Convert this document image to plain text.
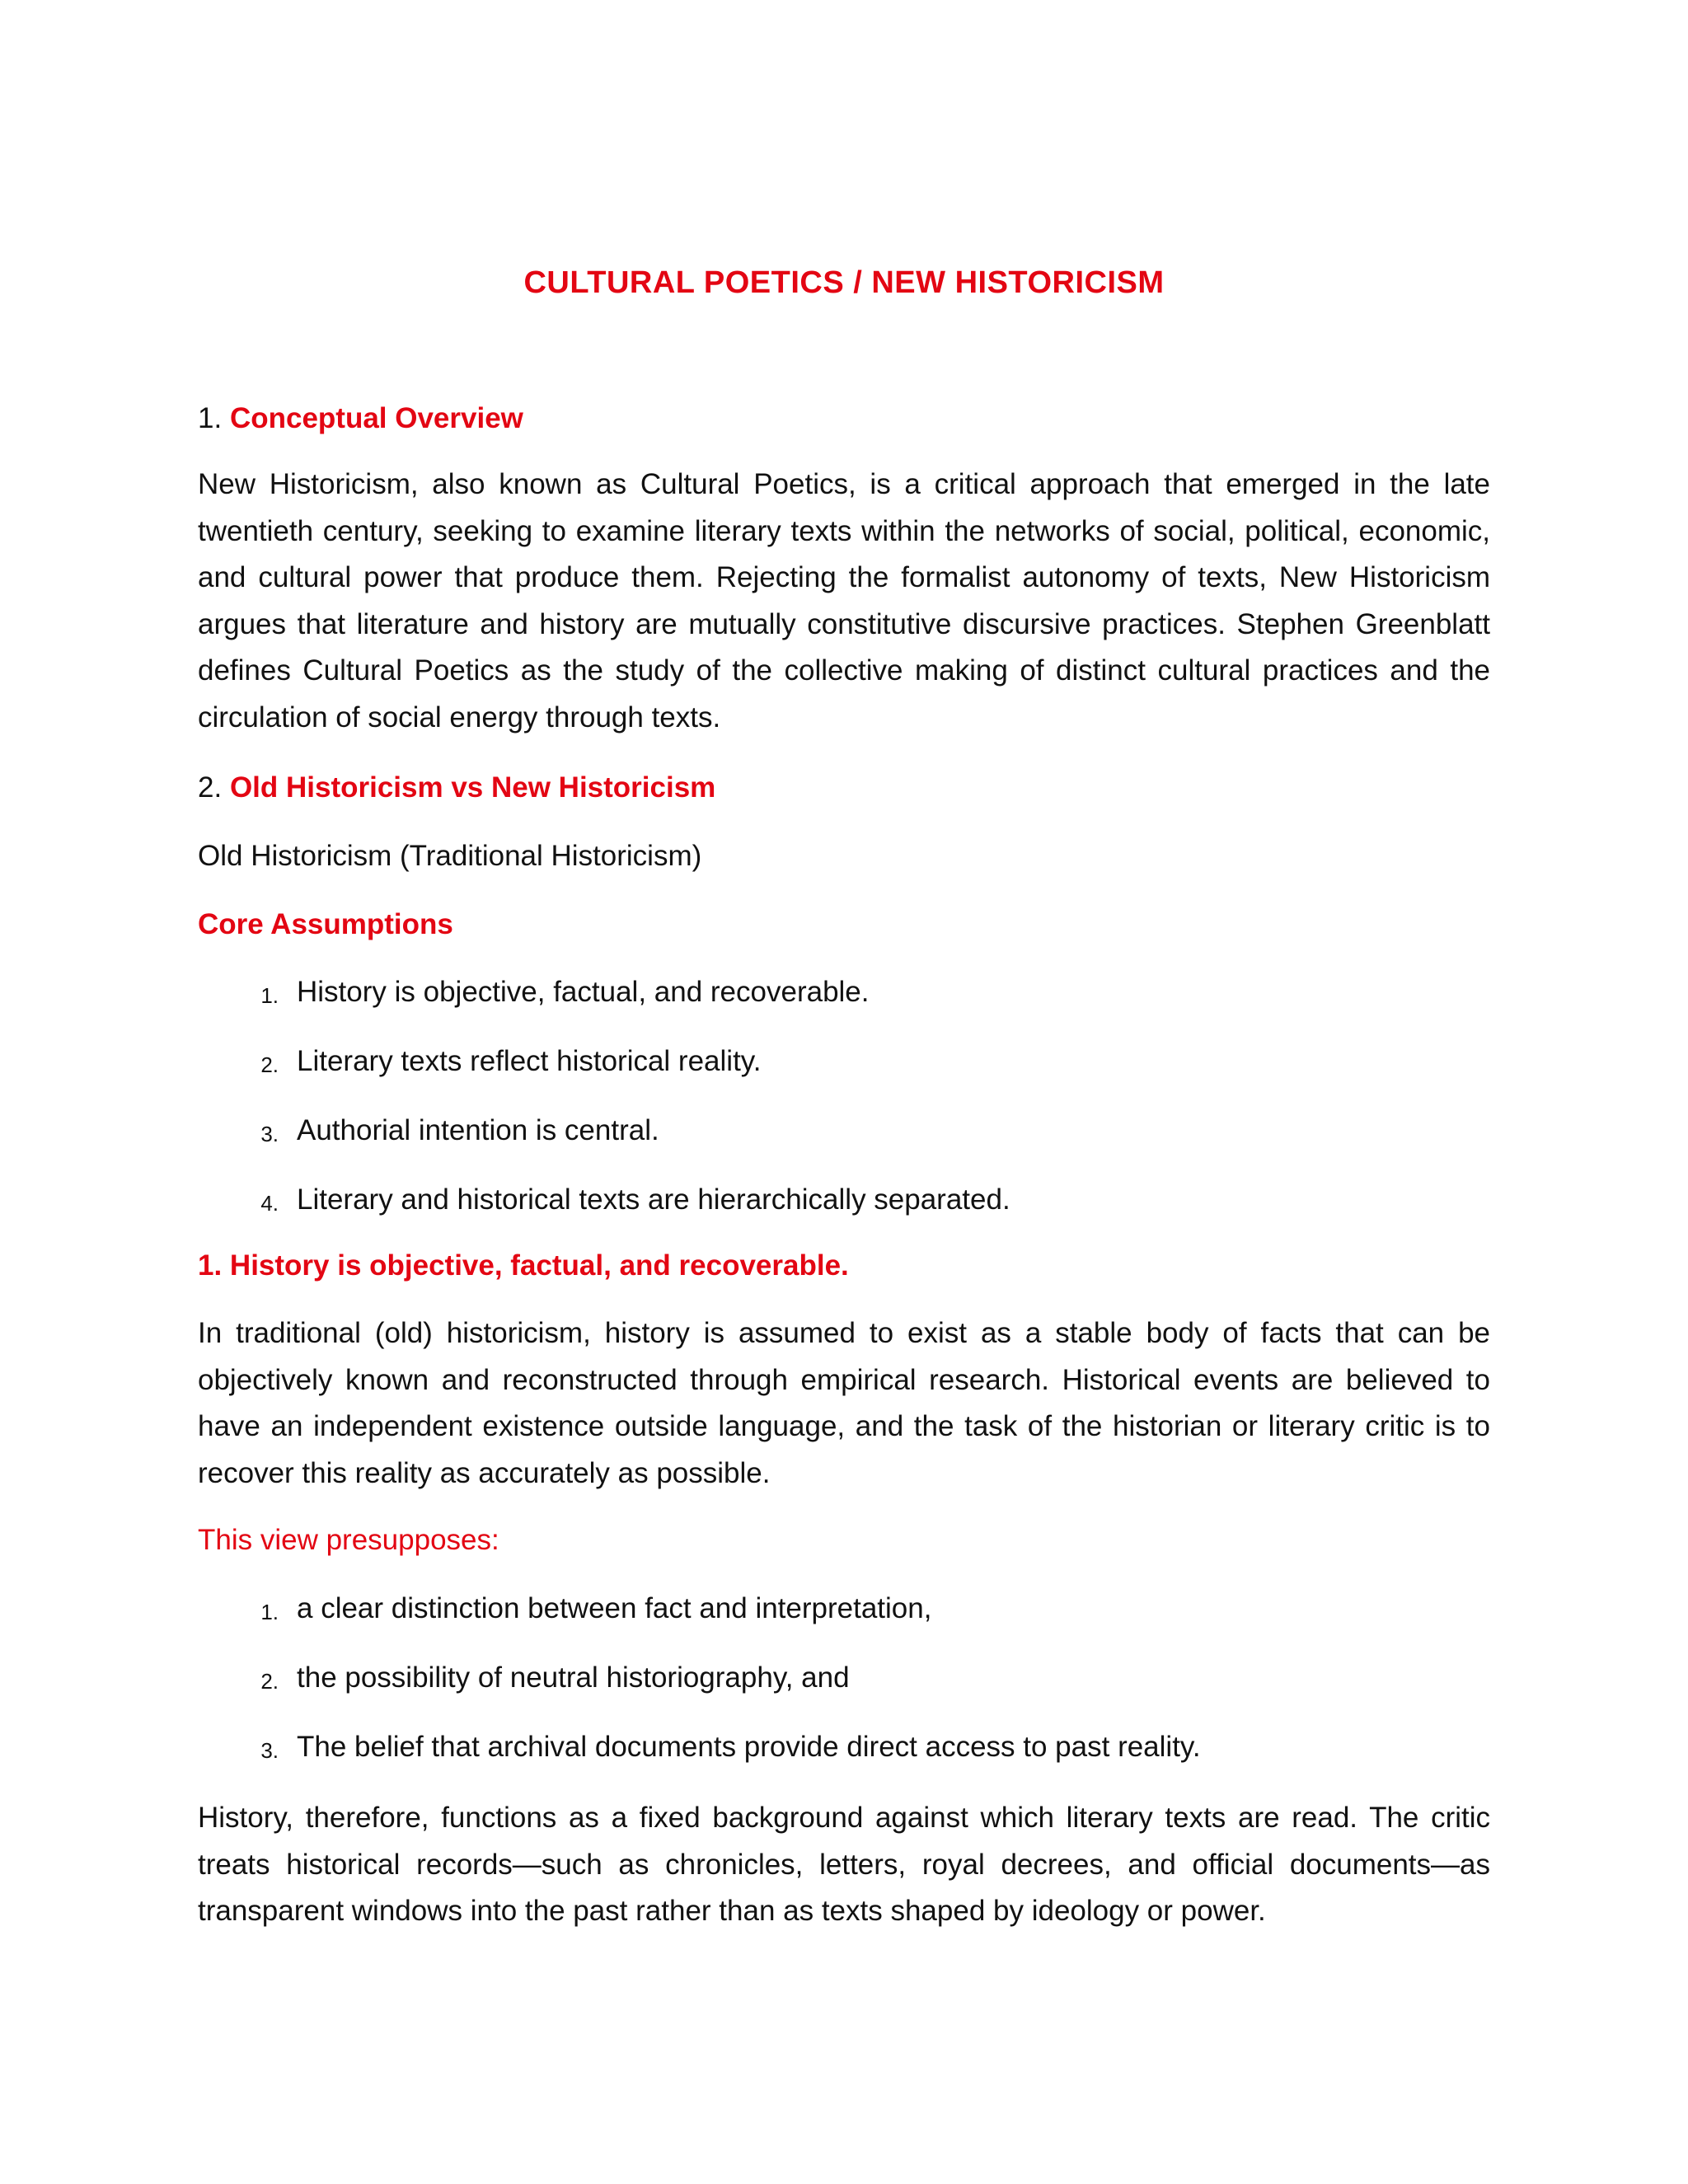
CULTURAL POETICS / NEW HISTORICISM
1. Conceptual Overview

New Historicism, also known as Cultural Poetics, is a critical approach that emerged in the late twentieth century, seeking to examine literary texts within the networks of social, political, economic, and cultural power that produce them. Rejecting the formalist autonomy of texts, New Historicism argues that literature and history are mutually constitutive discursive practices. Stephen Greenblatt defines Cultural Poetics as the study of the collective making of distinct cultural practices and the circulation of social energy through texts.

2. Old Historicism vs New Historicism
Old Historicism (Traditional Historicism)
Core Assumptions
1. History is objective, factual, and recoverable.
2. Literary texts reflect historical reality.
3. Authorial intention is central.
4. Literary and historical texts are hierarchically separated.
1. History is objective, factual, and recoverable.

In traditional (old) historicism, history is assumed to exist as a stable body of facts that can be objectively known and reconstructed through empirical research. Historical events are believed to have an independent existence outside language, and the task of the historian or literary critic is to recover this reality as accurately as possible.

This view presupposes:
1. a clear distinction between fact and interpretation,
2. the possibility of neutral historiography, and
3. The belief that archival documents provide direct access to past reality.

History, therefore, functions as a fixed background against which literary texts are read. The critic treats historical records—such as chronicles, letters, royal decrees, and official documents—as transparent windows into the past rather than as texts shaped by ideology or power.
